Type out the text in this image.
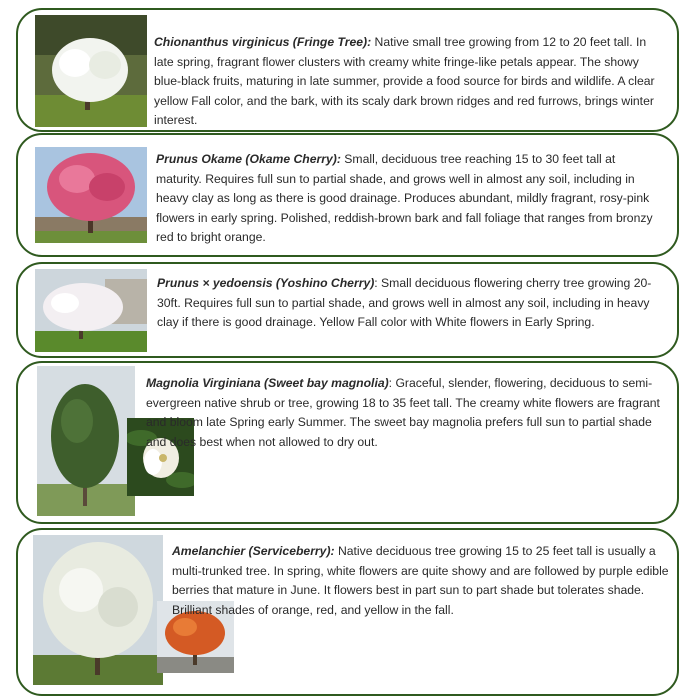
Chionanthus virginicus (Fringe Tree): Native small tree growing from 12 to 20 feet tall. In late spring, fragrant flower clusters with creamy white fringe-like petals appear. The showy blue-black fruits, maturing in late summer, provide a food source for birds and wildlife. A clear yellow Fall color, and the bark, with its scaly dark brown ridges and red furrows, brings winter interest.
Prunus Okame (Okame Cherry): Small, deciduous tree reaching 15 to 30 feet tall at maturity. Requires full sun to partial shade, and grows well in almost any soil, including in heavy clay as long as there is good drainage. Produces abundant, mildly fragrant, rosy-pink flowers in early spring. Polished, reddish-brown bark and fall foliage that ranges from bronzy red to bright orange.
Prunus × yedoensis (Yoshino Cherry): Small deciduous flowering cherry tree growing 20-30ft. Requires full sun to partial shade, and grows well in almost any soil, including in heavy clay if there is good drainage. Yellow Fall color with White flowers in Early Spring.
Magnolia Virginiana (Sweet bay magnolia): Graceful, slender, flowering, deciduous to semi-evergreen native shrub or tree, growing 18 to 35 feet tall. The creamy white flowers are fragrant and bloom late Spring early Summer. The sweet bay magnolia prefers full sun to partial shade and does best when not allowed to dry out.
Amelanchier (Serviceberry): Native deciduous tree growing 15 to 25 feet tall is usually a multi-trunked tree. In spring, white flowers are quite showy and are followed by purple edible berries that mature in June. It flowers best in part sun to part shade but tolerates shade. Brilliant shades of orange, red, and yellow in the fall.
